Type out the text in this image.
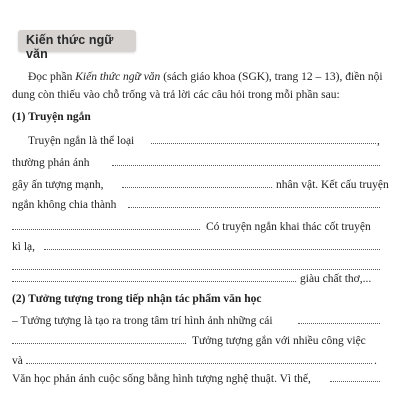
Kiến thức ngữ văn
Đọc phần Kiến thức ngữ văn (sách giáo khoa (SGK), trang 12 – 13), điền nội
dung còn thiếu vào chỗ trống và trả lời các câu hỏi trong mỗi phần sau:
(1) Truyện ngắn
Truyện ngắn là thể loại	,
thường phản ánh
gây ấn tượng mạnh,	nhân vật. Kết cấu truyện
ngắn không chia thành
Có truyện ngắn khai thác cốt truyện
kì lạ,
giàu chất thơ,...
(2) Tưởng tượng trong tiếp nhận tác phẩm văn học
– Tưởng tượng là tạo ra trong tâm trí hình ảnh những cái
Tưởng tượng gắn với nhiều công việc
và	.
Văn học phản ánh cuộc sống bằng hình tượng nghệ thuật. Vì thế,
